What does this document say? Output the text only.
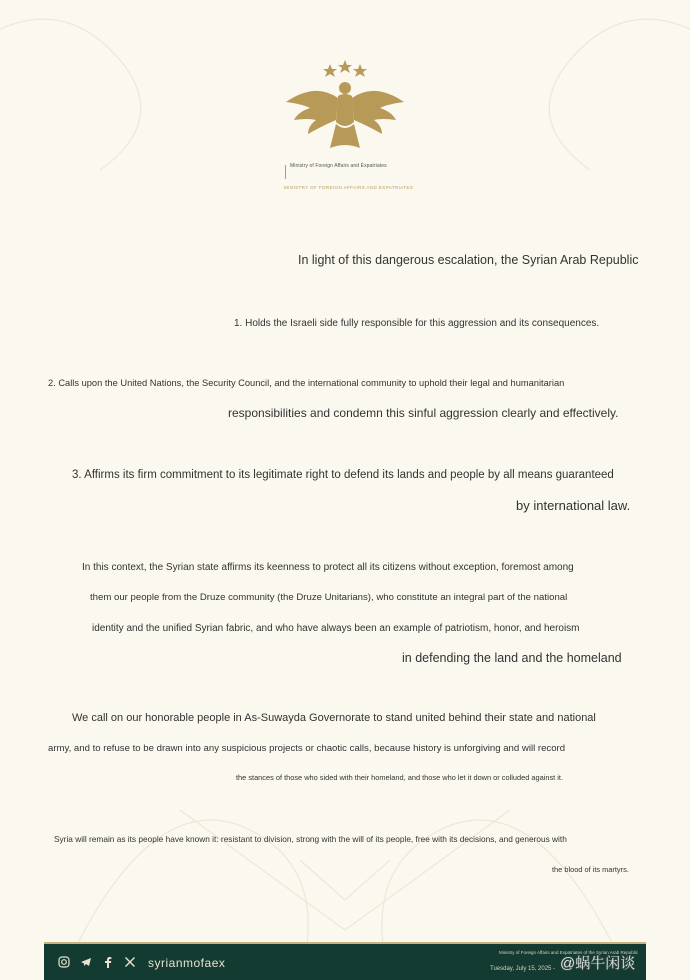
Ministry of Foreign Affairs and Expatriates
MINISTRY OF FOREIGN AFFAIRS AND EXPATRIATES
In light of this dangerous escalation, the Syrian Arab Republic
1. Holds the Israeli side fully responsible for this aggression and its consequences.
2. Calls upon the United Nations, the Security Council, and the international community to uphold their legal and humanitarian
responsibilities and condemn this sinful aggression clearly and effectively.
3. Affirms its firm commitment to its legitimate right to defend its lands and people by all means guaranteed
by international law.
In this context, the Syrian state affirms its keenness to protect all its citizens without exception, foremost among
them our people from the Druze community (the Druze Unitarians), who constitute an integral part of the national
identity and the unified Syrian fabric, and who have always been an example of patriotism, honor, and heroism
in defending the land and the homeland
We call on our honorable people in As-Suwayda Governorate to stand united behind their state and national
army, and to refuse to be drawn into any suspicious projects or chaotic calls, because history is unforgiving and will record
the stances of those who sided with their homeland, and those who let it down or colluded against it.
Syria will remain as its people have known it: resistant to division, strong with the will of its people, free with its decisions, and generous with
the blood of its martyrs.
syrianmofaex
Ministry of Foreign Affairs and Expatriates of the Syrian Arab Republic
Tuesday, July 15, 2025 - @蜗牛闲谈
